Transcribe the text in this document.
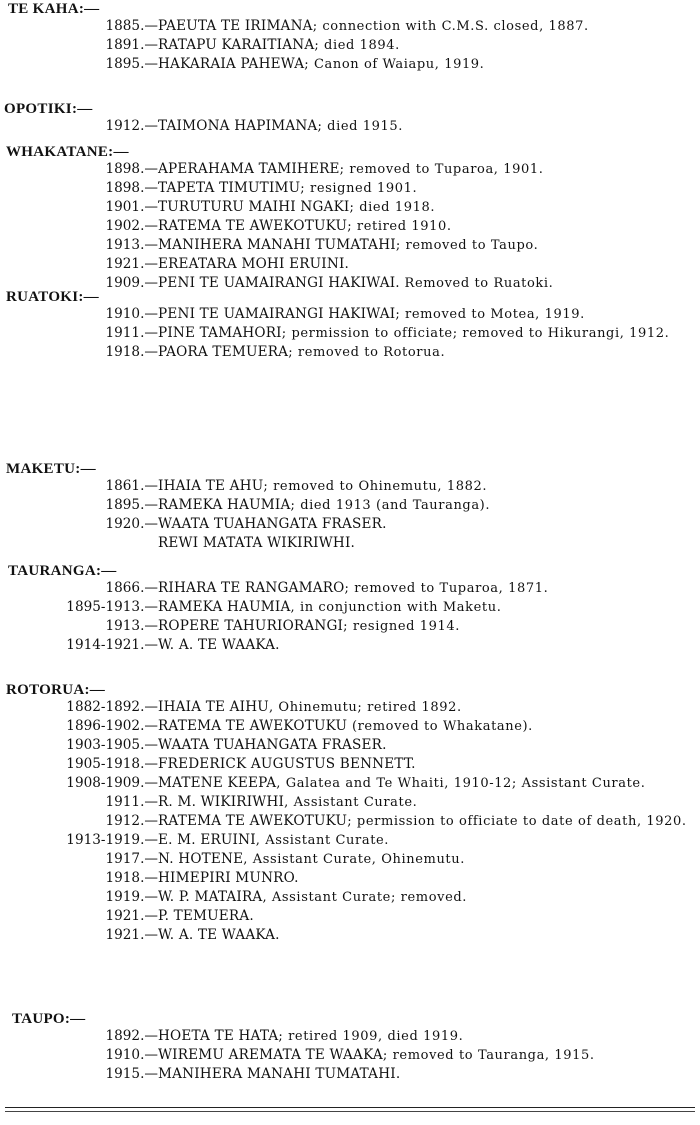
TE KAHA:—
1885.— PAEUTA TE IRIMANA; connection with C.M.S. closed, 1887.
1891.— RATAPU KARAITIANA; died 1894.
1895.— HAKARAIA PAHEWA; Canon of Waiapu, 1919.
OPOTIKI:—
1912.— TAIMONA HAPIMANA; died 1915.
WHAKATANE:—
1898.— APERAHAMA TAMIHERE; removed to Tuparoa, 1901.
1898.— TAPETA TIMUTIMU; resigned 1901.
1901.— TURUTURU MAIHI NGAKI; died 1918.
1902.— RATEMA TE AWEKOTUKU; retired 1910.
1913.— MANIHERA MANAHI TUMATAHI; removed to Taupo.
1921.— EREATARA MOHI ERUINI.
1909.— PENI TE UAMAIRANGI HAKIWAI. Removed to Ruatoki.
RUATOKI:—
1910.— PENI TE UAMAIRANGI HAKIWAI; removed to Motea, 1919.
1911.— PINE TAMAHORI; permission to officiate; removed to Hikurangi, 1912.
1918.— PAORA TEMUERA; removed to Rotorua.
MAKETU:—
1861.— IHAIA TE AHU; removed to Ohinemutu, 1882.
1895.— RAMEKA HAUMIA; died 1913 (and Tauranga).
1920.— WAATA TUAHANGATA FRASER.
REWI MATATA WIKIRIWHI.
TAURANGA:—
1866.— RIHARA TE RANGAMARO; removed to Tuparoa, 1871.
1895-1913.— RAMEKA HAUMIA, in conjunction with Maketu.
1913.— ROPERE TAHURIORANGI; resigned 1914.
1914-1921.— W. A. TE WAAKA.
ROTORUA:—
1882-1892.— IHAIA TE AIHU, Ohinemutu; retired 1892.
1896-1902.— RATEMA TE AWEKOTUKU (removed to Whakatane).
1903-1905.— WAATA TUAHANGATA FRASER.
1905-1918.— FREDERICK AUGUSTUS BENNETT.
1908-1909.— MATENE KEEPA, Galatea and Te Whaiti, 1910-12; Assistant Curate.
1911.— R. M. WIKIRIWHI, Assistant Curate.
1912.— RATEMA TE AWEKOTUKU; permission to officiate to date of death, 1920.
1913-1919.— E. M. ERUINI, Assistant Curate.
1917.— N. HOTENE, Assistant Curate, Ohinemutu.
1918.— HIMEPIRI MUNRO.
1919.— W. P. MATAIRA, Assistant Curate; removed.
1921.— P. TEMUERA.
1921.— W. A. TE WAAKA.
TAUPO:—
1892.— HOETA TE HATA; retired 1909, died 1919.
1910.— WIREMU AREMATA TE WAAKA; removed to Tauranga, 1915.
1915.— MANIHERA MANAHI TUMATAHI.
